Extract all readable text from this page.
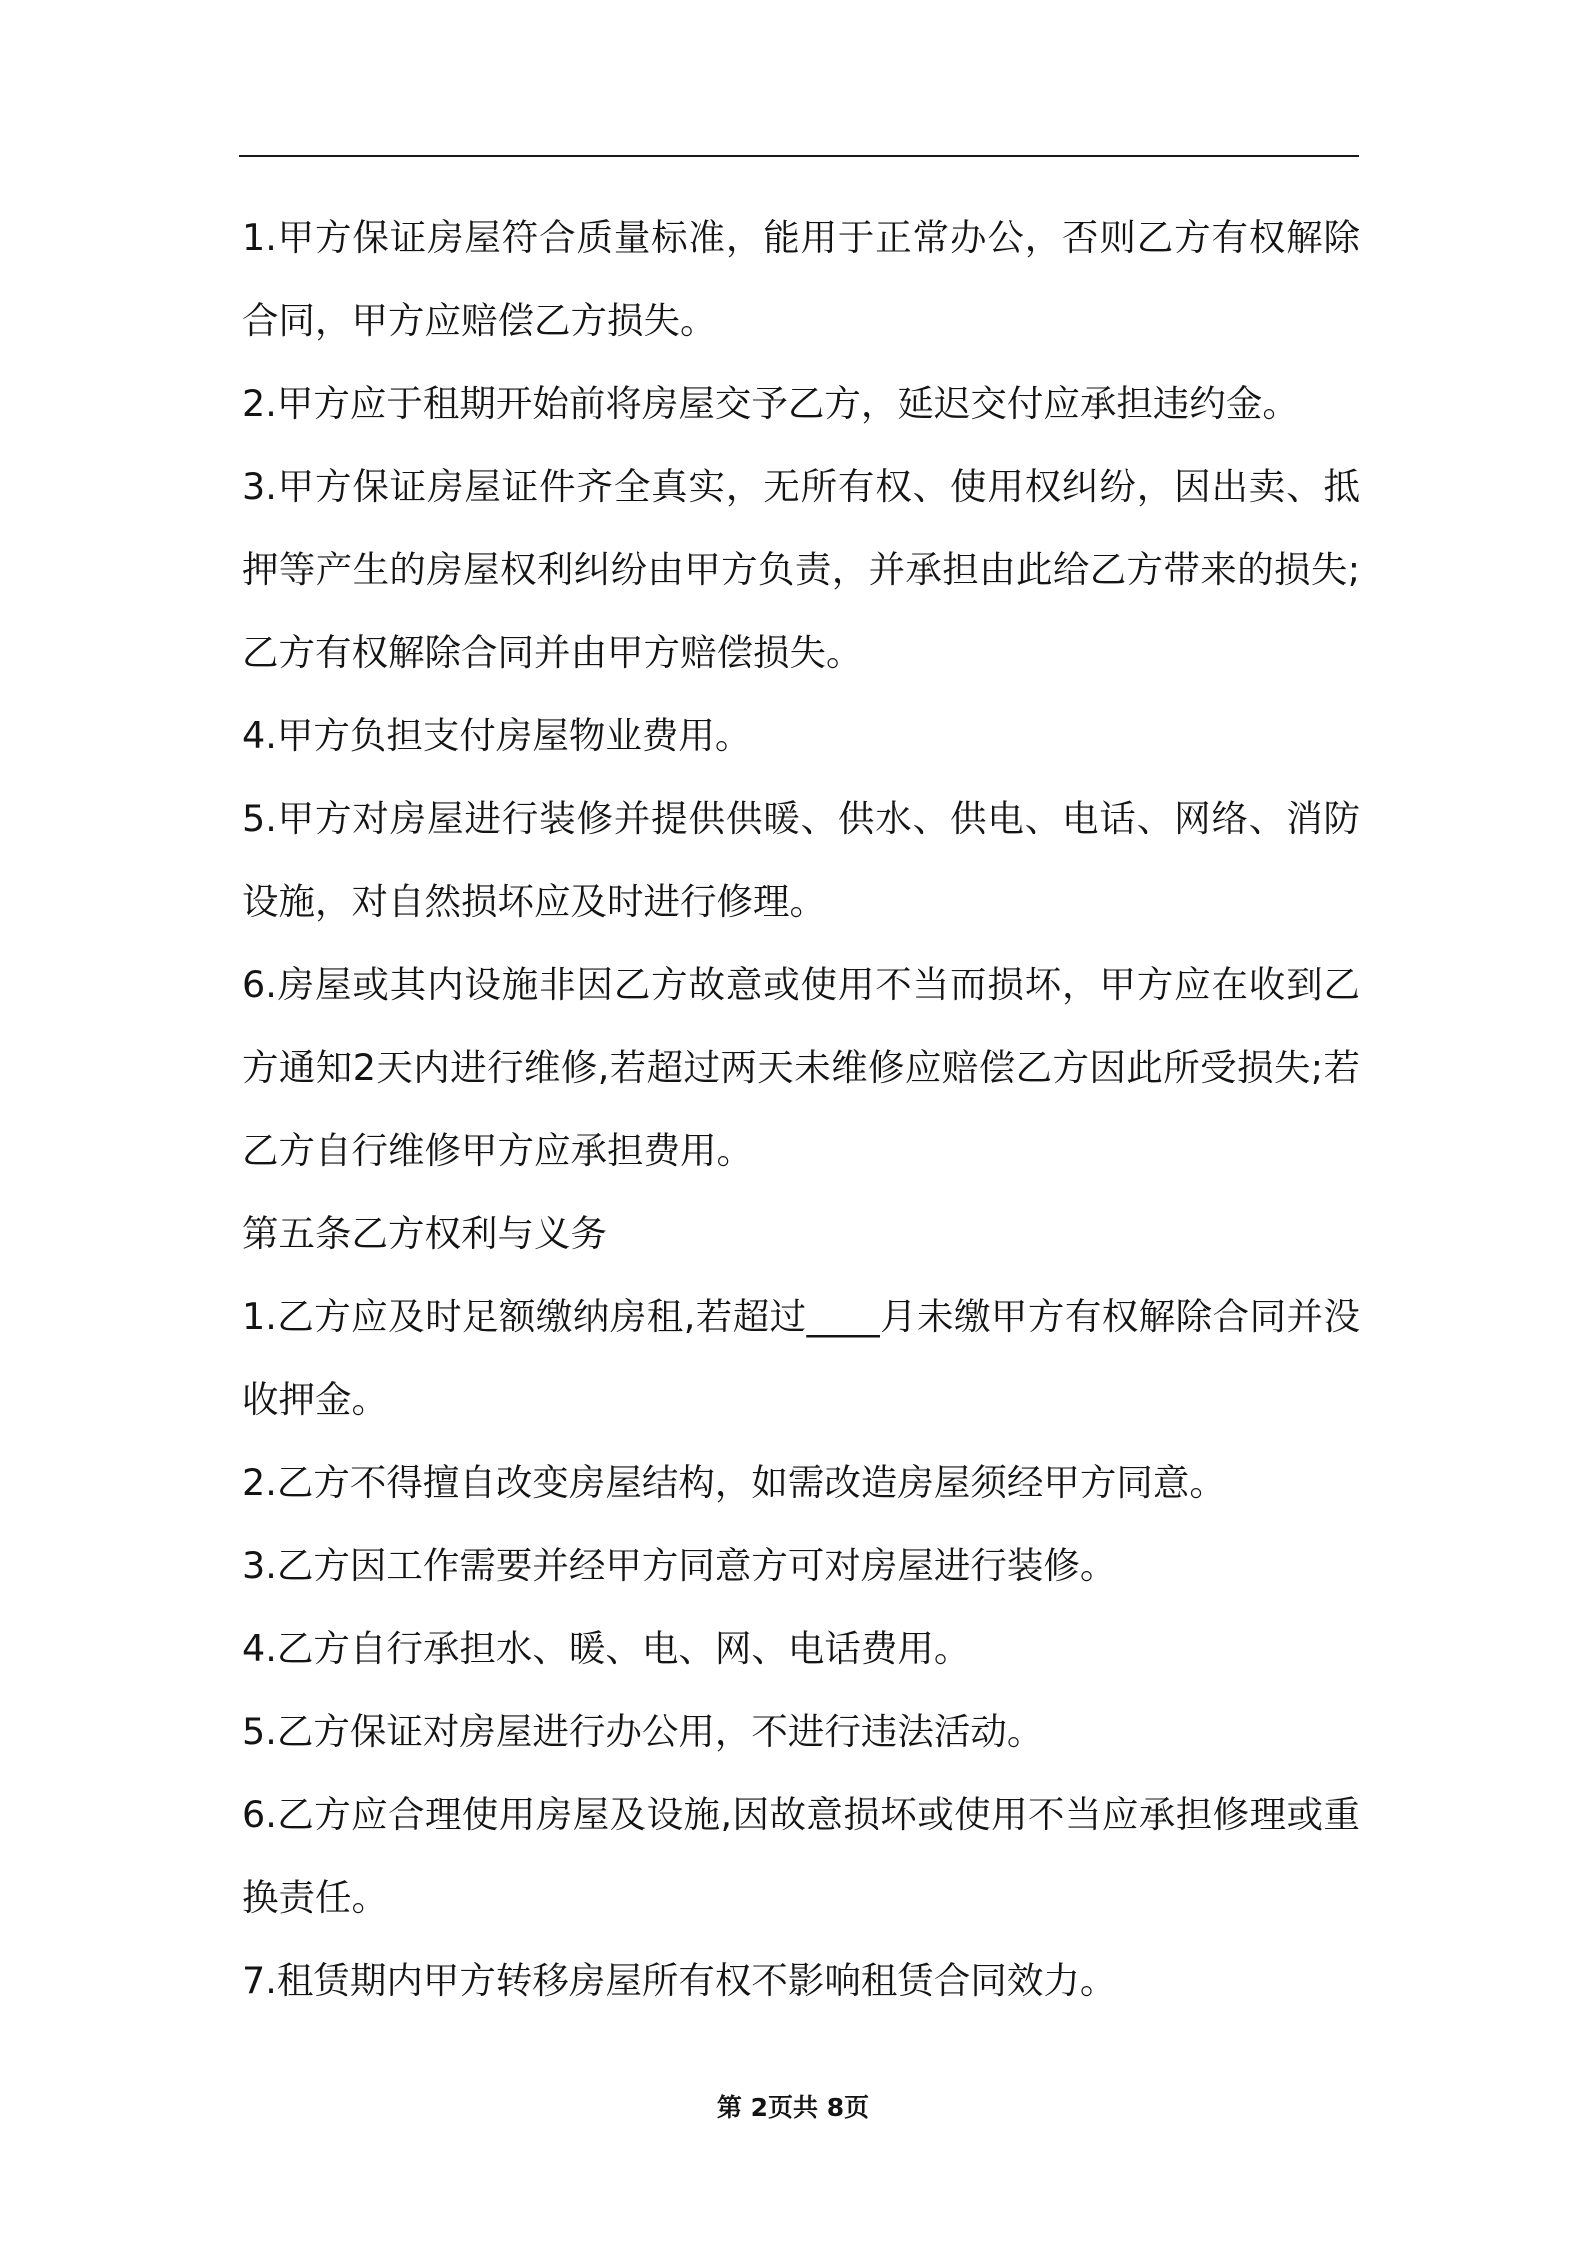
1.甲方保证房屋符合质量标准，能用于正常办公，否则乙方有权解除合同，甲方应赔偿乙方损失。

2.甲方应于租期开始前将房屋交予乙方，延迟交付应承担违约金。

3.甲方保证房屋证件齐全真实，无所有权、使用权纠纷，因出卖、抵押等产生的房屋权利纠纷由甲方负责，并承担由此给乙方带来的损失;乙方有权解除合同并由甲方赔偿损失。

4.甲方负担支付房屋物业费用。

5.甲方对房屋进行装修并提供供暖、供水、供电、电话、网络、消防设施，对自然损坏应及时进行修理。

6.房屋或其内设施非因乙方故意或使用不当而损坏，甲方应在收到乙方通知2天内进行维修,若超过两天未维修应赔偿乙方因此所受损失;若乙方自行维修甲方应承担费用。

第五条乙方权利与义务

1.乙方应及时足额缴纳房租,若超过____月未缴甲方有权解除合同并没收押金。

2.乙方不得擅自改变房屋结构，如需改造房屋须经甲方同意。

3.乙方因工作需要并经甲方同意方可对房屋进行装修。

4.乙方自行承担水、暖、电、网、电话费用。

5.乙方保证对房屋进行办公用，不进行违法活动。

6.乙方应合理使用房屋及设施,因故意损坏或使用不当应承担修理或重换责任。

7.租赁期内甲方转移房屋所有权不影响租赁合同效力。

第 2页共 8页
